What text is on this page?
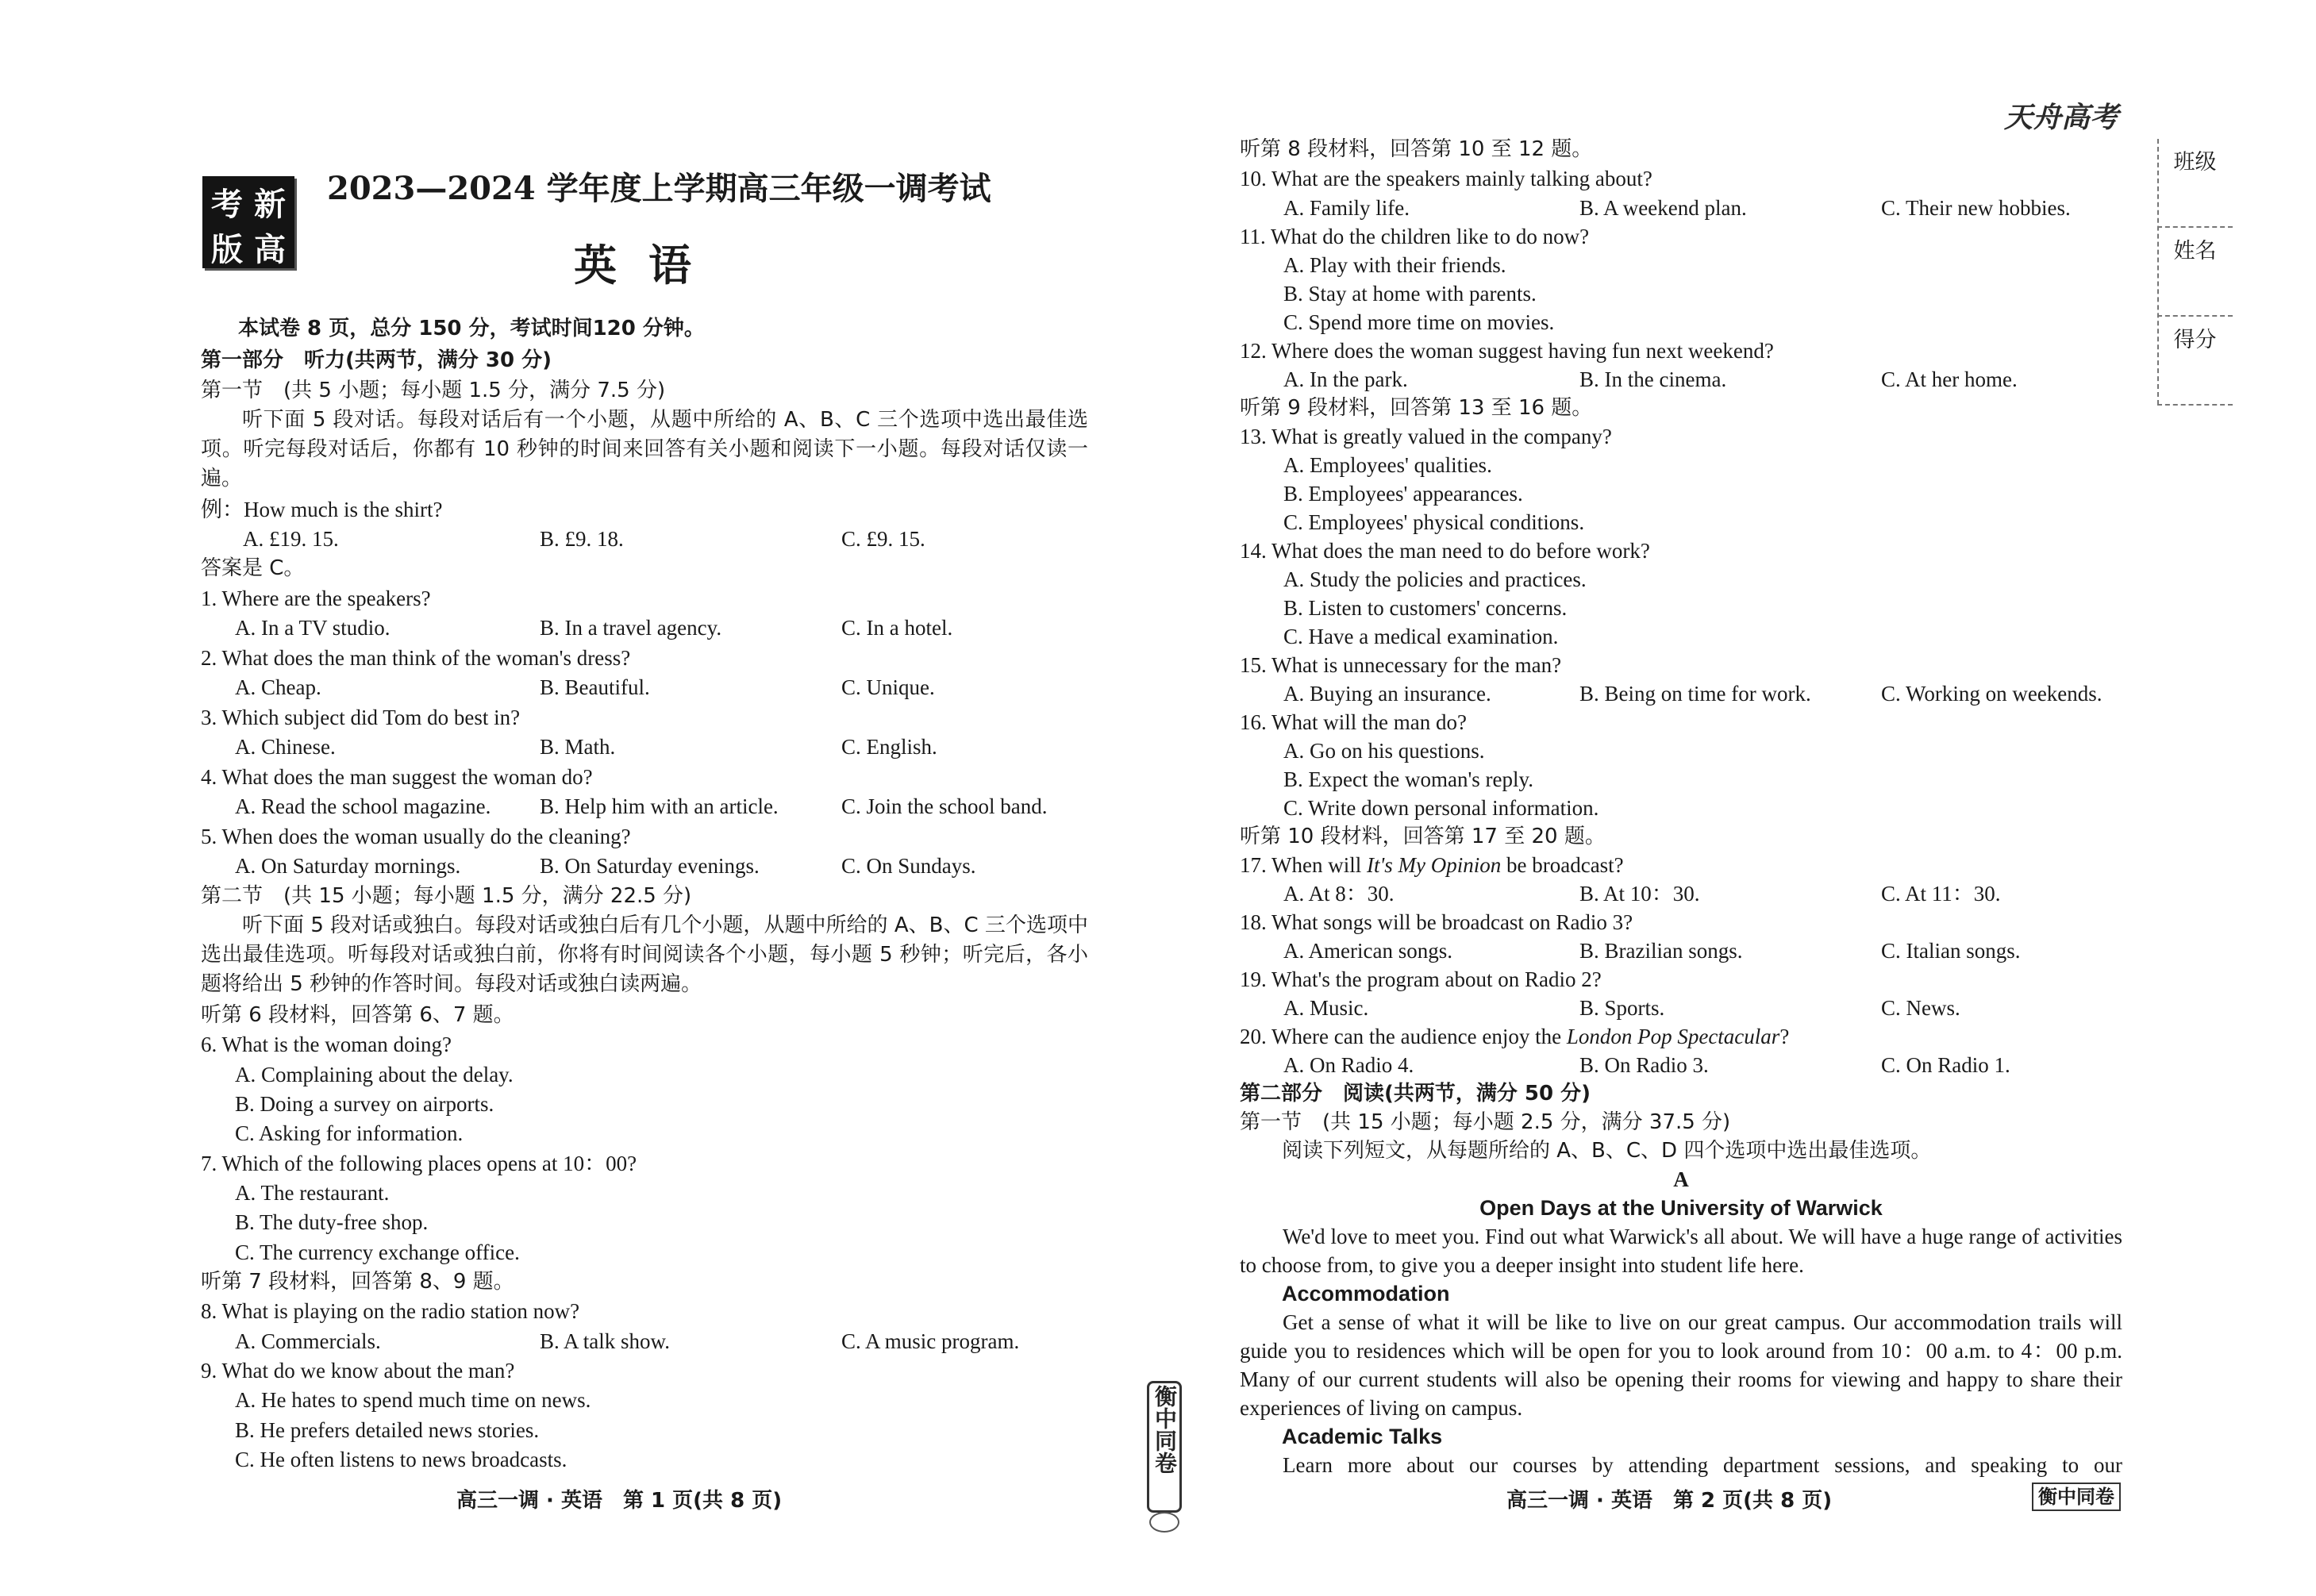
考 新
版 高
2023—2024 学年度上学期高三年级一调考试
英语
本试卷 8 页，总分 150 分，考试时间120 分钟。
第一部分　听力(共两节，满分 30 分)
第一节　(共 5 小题；每小题 1.5 分，满分 7.5 分)
听下面 5 段对话。每段对话后有一个小题，从题中所给的 A、B、C 三个选项中选出最佳选项。听完每段对话后，你都有 10 秒钟的时间来回答有关小题和阅读下一小题。每段对话仅读一遍。
例：How much is the shirt?
A. £19. 15.	B. £9. 18.	C. £9. 15.
答案是 C。
1. Where are the speakers?
A. In a TV studio.	B. In a travel agency.	C. In a hotel.
2. What does the man think of the woman's dress?
A. Cheap.	B. Beautiful.	C. Unique.
3. Which subject did Tom do best in?
A. Chinese.	B. Math.	C. English.
4. What does the man suggest the woman do?
A. Read the school magazine. B. Help him with an article.	C. Join the school band.
5. When does the woman usually do the cleaning?
A. On Saturday mornings.	B. On Saturday evenings.	C. On Sundays.
第二节　(共 15 小题；每小题 1.5 分，满分 22.5 分)
听下面 5 段对话或独白。每段对话或独白后有几个小题，从题中所给的 A、B、C 三个选项中选出最佳选项。听每段对话或独白前，你将有时间阅读各个小题，每小题 5 秒钟；听完后，各小题将给出 5 秒钟的作答时间。每段对话或独白读两遍。
听第 6 段材料，回答第 6、7 题。
6. What is the woman doing?
A. Complaining about the delay.
B. Doing a survey on airports.
C. Asking for information.
7. Which of the following places opens at 10：00?
A. The restaurant.
B. The duty-free shop.
C. The currency exchange office.
听第 7 段材料，回答第 8、9 题。
8. What is playing on the radio station now?
A. Commercials.	B. A talk show.	C. A music program.
9. What do we know about the man?
A. He hates to spend much time on news.
B. He prefers detailed news stories.
C. He often listens to news broadcasts.
高三一调 · 英语　第 1 页(共 8 页)
衡中同卷
天舟高考
班级
姓名
得分
听第 8 段材料，回答第 10 至 12 题。
10. What are the speakers mainly talking about?
A. Family life.	B. A weekend plan.	C. Their new hobbies.
11. What do the children like to do now?
A. Play with their friends.
B. Stay at home with parents.
C. Spend more time on movies.
12. Where does the woman suggest having fun next weekend?
A. In the park.	B. In the cinema.	C. At her home.
听第 9 段材料，回答第 13 至 16 题。
13. What is greatly valued in the company?
A. Employees' qualities.
B. Employees' appearances.
C. Employees' physical conditions.
14. What does the man need to do before work?
A. Study the policies and practices.
B. Listen to customers' concerns.
C. Have a medical examination.
15. What is unnecessary for the man?
A. Buying an insurance.	B. Being on time for work.	C. Working on weekends.
16. What will the man do?
A. Go on his questions.
B. Expect the woman's reply.
C. Write down personal information.
听第 10 段材料，回答第 17 至 20 题。
17. When will It's My Opinion be broadcast?
A. At 8：30.	B. At 10：30.	C. At 11：30.
18. What songs will be broadcast on Radio 3?
A. American songs.	B. Brazilian songs.	C. Italian songs.
19. What's the program about on Radio 2?
A. Music.	B. Sports.	C. News.
20. Where can the audience enjoy the London Pop Spectacular?
A. On Radio 4.	B. On Radio 3.	C. On Radio 1.
第二部分　阅读(共两节，满分 50 分)
第一节　(共 15 小题；每小题 2.5 分，满分 37.5 分)
阅读下列短文，从每题所给的 A、B、C、D 四个选项中选出最佳选项。
A
Open Days at the University of Warwick
We'd love to meet you. Find out what Warwick's all about. We will have a huge range of activities to choose from, to give you a deeper insight into student life here.
Accommodation
Get a sense of what it will be like to live on our great campus. Our accommodation trails will guide you to residences which will be open for you to look around from 10：00 a.m. to 4：00 p.m. Many of our current students will also be opening their rooms for viewing and happy to share their experiences of living on campus.
Academic Talks
Learn more about our courses by attending department sessions, and speaking to our
高三一调 · 英语　第 2 页(共 8 页)	衡中同卷
